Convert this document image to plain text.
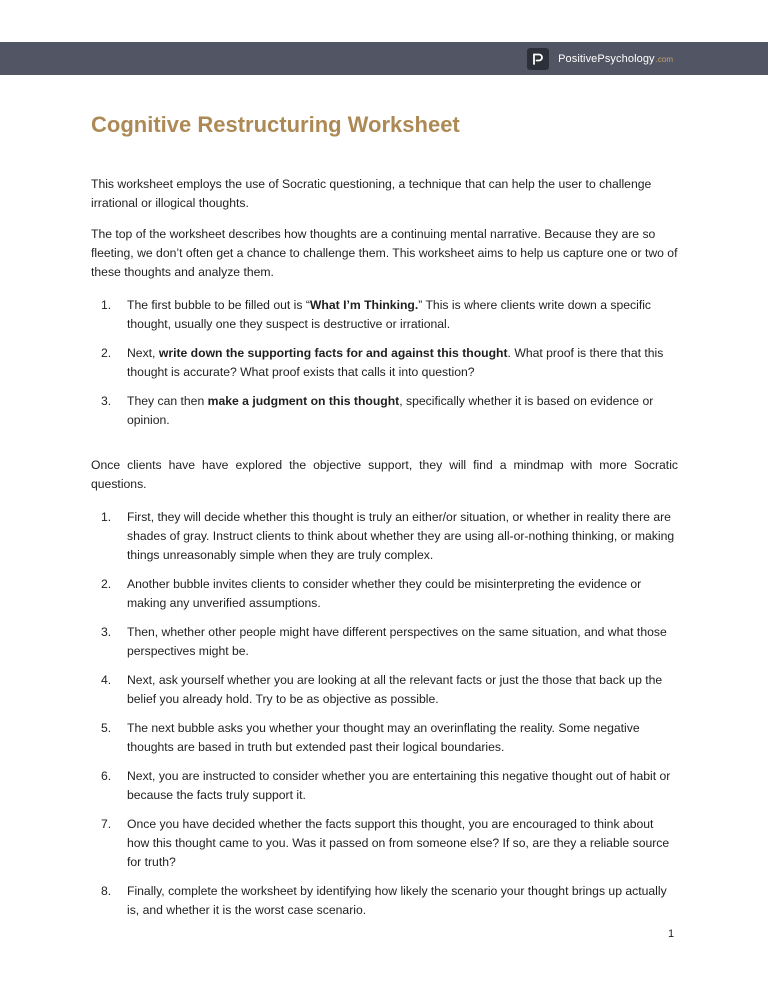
PositivePsychology .com
Cognitive Restructuring Worksheet

This worksheet employs the use of Socratic questioning, a technique that can help the user to challenge irrational or illogical thoughts.

The top of the worksheet describes how thoughts are a continuing mental narrative. Because they are so fleeting, we don’t often get a chance to challenge them. This worksheet aims to help us capture one or two of these thoughts and analyze them.

1. The first bubble to be filled out is “What I’m Thinking.” This is where clients write down a specific thought, usually one they suspect is destructive or irrational.
2. Next, write down the supporting facts for and against this thought. What proof is there that this thought is accurate? What proof exists that calls it into question?
3. They can then make a judgment on this thought, specifically whether it is based on evidence or opinion.

Once clients have have explored the objective support, they will find a mindmap with more Socratic questions.

1. First, they will decide whether this thought is truly an either/or situation, or whether in reality there are shades of gray. Instruct clients to think about whether they are using all-or-nothing thinking, or making things unreasonably simple when they are truly complex.
2. Another bubble invites clients to consider whether they could be misinterpreting the evidence or making any unverified assumptions.
3. Then, whether other people might have different perspectives on the same situation, and what those perspectives might be.
4. Next, ask yourself whether you are looking at all the relevant facts or just the those that back up the belief you already hold. Try to be as objective as possible.
5. The next bubble asks you whether your thought may an overinflating the reality. Some negative thoughts are based in truth but extended past their logical boundaries.
6. Next, you are instructed to consider whether you are entertaining this negative thought out of habit or because the facts truly support it.
7. Once you have decided whether the facts support this thought, you are encouraged to think about how this thought came to you. Was it passed on from someone else? If so, are they a reliable source for truth?
8. Finally, complete the worksheet by identifying how likely the scenario your thought brings up actually is, and whether it is the worst case scenario.
1
